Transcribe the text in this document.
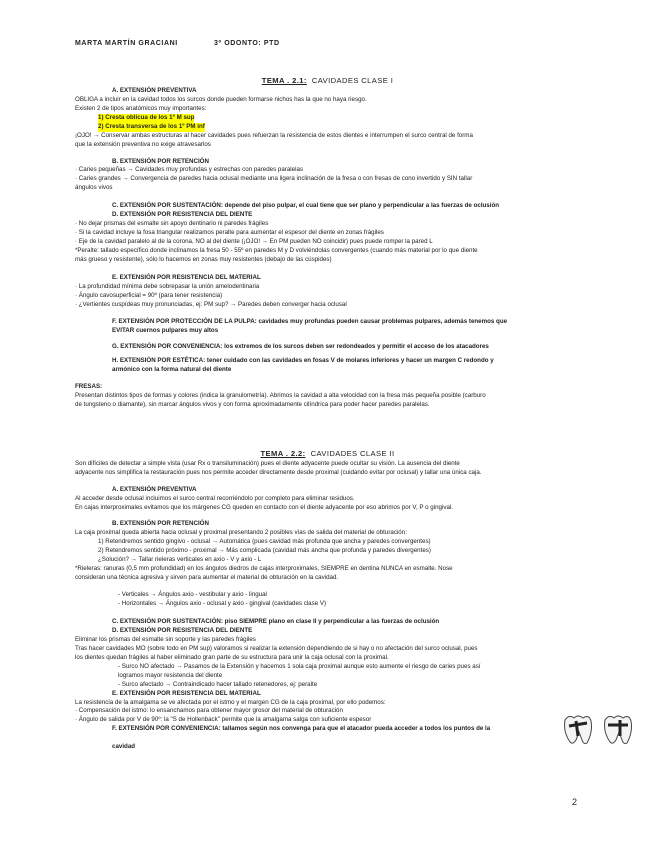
MARTA MARTÍN GRACIANI	3º ODONTO: PTD
TEMA . 2.1: CAVIDADES CLASE I
A. EXTENSIÓN PREVENTIVA
OBLIGA a incluir en la cavidad todos los surcos donde pueden formarse nichos has la que no haya riesgo.
Existen 2 de tipos anatómicos muy importantes:
1) Cresta oblicua de los 1º M sup
2) Cresta transversa de los 1º PM inf
¡OJO! → Conservar ambas estructuras al hacer cavidades pues refuerzan la resistencia de estos dientes e interrumpen el surco central de forma
que la extensión preventiva no exige atravesarlos
B. EXTENSIÓN POR RETENCIÓN
· Caries pequeñas → Cavidades muy profundas y estrechas con paredes paralelas
· Caries grandes → Convergencia de paredes hacia oclusal mediante una ligera inclinación de la fresa o con fresas de cono invertido y SIN tallar
ángulos vivos
C. EXTENSIÓN POR SUSTENTACIÓN: depende del piso pulpar, el cual tiene que ser plano y perpendicular a las fuerzas de oclusión
D. EXTENSIÓN POR RESISTENCIA DEL DIENTE
· No dejar prismas del esmalte sin apoyo dentinario ni paredes frágiles
· Si la cavidad incluye la fosa triangular realizamos peralte para aumentar el espesor del diente en zonas frágiles
· Eje de la cavidad paralelo al de la corona, NO al del diente (¡OJO! → En PM pueden NO coincidir) pues puede romper la pared L
*Peralte: tallado específico donde inclinamos la fresa 50 - 55º en paredes M y D volviéndolas convergentes (cuando más material por lo que diente
más grueso y resistente), sólo lo hacemos en zonas muy resistentes (debajo de las cúspides)
E. EXTENSIÓN POR RESISTENCIA DEL MATERIAL
· La profundidad mínima debe sobrepasar la unión amelodentinaria
· Ángulo cavosuperficial = 90º (para tener resistencia)
· ¿Vertientes cuspídeas muy pronunciadas, ej: PM sup? → Paredes deben converger hacia oclusal
F. EXTENSIÓN POR PROTECCIÓN DE LA PULPA: cavidades muy profundas pueden causar problemas pulpares, además tenemos que
EVITAR cuernos pulpares muy altos
G. EXTENSIÓN POR CONVENIENCIA: los extremos de los surcos deben ser redondeados y permitir el acceso de los atacadores
H. EXTENSIÓN POR ESTÉTICA: tener cuidado con las cavidades en fosas V de molares inferiores y hacer un margen C redondo y
armónico con la forma natural del diente
FRESAS:
Presentan distintos tipos de formas y colores (indica la granulometría). Abrimos la cavidad a alta velocidad con la fresa más pequeña posible (carburo
de tungsteno o diamante), sin marcar ángulos vivos y con forma aproximadamente cilíndrica para poder hacer paredes paralelas.
TEMA . 2.2: CAVIDADES CLASE II
Son difíciles de detectar a simple vista (usar Rx o transiluminación) pues el diente adyacente puede ocultar su visión. La ausencia del diente
adyacente nos simplifica la restauración pues nos permite acceder directamente desde proximal (cuidando evitar por oclusal) y tallar una única caja.
A. EXTENSIÓN PREVENTIVA
Al acceder desde oclusal incluimos el surco central recorriéndolo por completo para eliminar residuos.
En cajas interproximales evitamos que los márgenes CG queden en contacto con el diente adyacente por eso abrimos por V, P o gingival.
B. EXTENSIÓN POR RETENCIÓN
La caja proximal queda abierta hacia oclusal y proximal presentando 2 posibles vías de salida del material de obturación:
1) Retendremos sentido gingivo - oclusal → Automática (pues cavidad más profunda que ancha y paredes convergentes)
2) Retendremos sentido próximo - proximal → Más complicada (cavidad más ancha que profunda y paredes divergentes)
¿Solución? → Tallar rieleras verticales en axio - V y axio - L
*Rieleras: ranuras (0,5 mm profundidad) en los ángulos diedros de cajas interproximales, SIEMPRE en dentina NUNCA en esmalte. Nose
consideran una técnica agresiva y sirven para aumentar el material de obturación en la cavidad.
- Verticales → Ángulos axio - vestibular y axio - lingual
- Horizontales → Ángulos axio - oclusal y axio - gingival (cavidades clase V)
C. EXTENSIÓN POR SUSTENTACIÓN: piso SIEMPRE plano en clase II y perpendicular a las fuerzas de oclusión
D. EXTENSIÓN POR RESISTENCIA DEL DIENTE
Eliminar los prismas del esmalte sin soporte y las paredes frágiles
Tras hacer cavidades MO (sobre todo en PM sup) valoramos si realizar la extensión dependiendo de si hay o no afectación del surco oclusal, pues
los dientes quedan frágiles al haber eliminado gran parte de su estructura para unir la caja oclusal con la proximal.
- Surco NO afectado → Pasamos de la Extensión y hacemos 1 sola caja proximal aunque esto aumente el riesgo de caries pues así
logramos mayor resistencia del diente
- Surco afectado → Contraindicado hacer tallado retenedores, ej: peralte
E. EXTENSIÓN POR RESISTENCIA DEL MATERIAL
La resistencia de la amalgama se ve afectada por el istmo y el margen CG de la caja proximal, por ello podemos:
· Compensación del istmo: lo ensanchamos para obtener mayor grosor del material de obturación
· Ángulo de salida por V de 90º: la "S de Hollenback" permite que la amalgama salga con suficiente espesor
F. EXTENSIÓN POR CONVENIENCIA: tallamos según nos convenga para que el atacador pueda acceder a todos los puntos de la
cavidad
2
